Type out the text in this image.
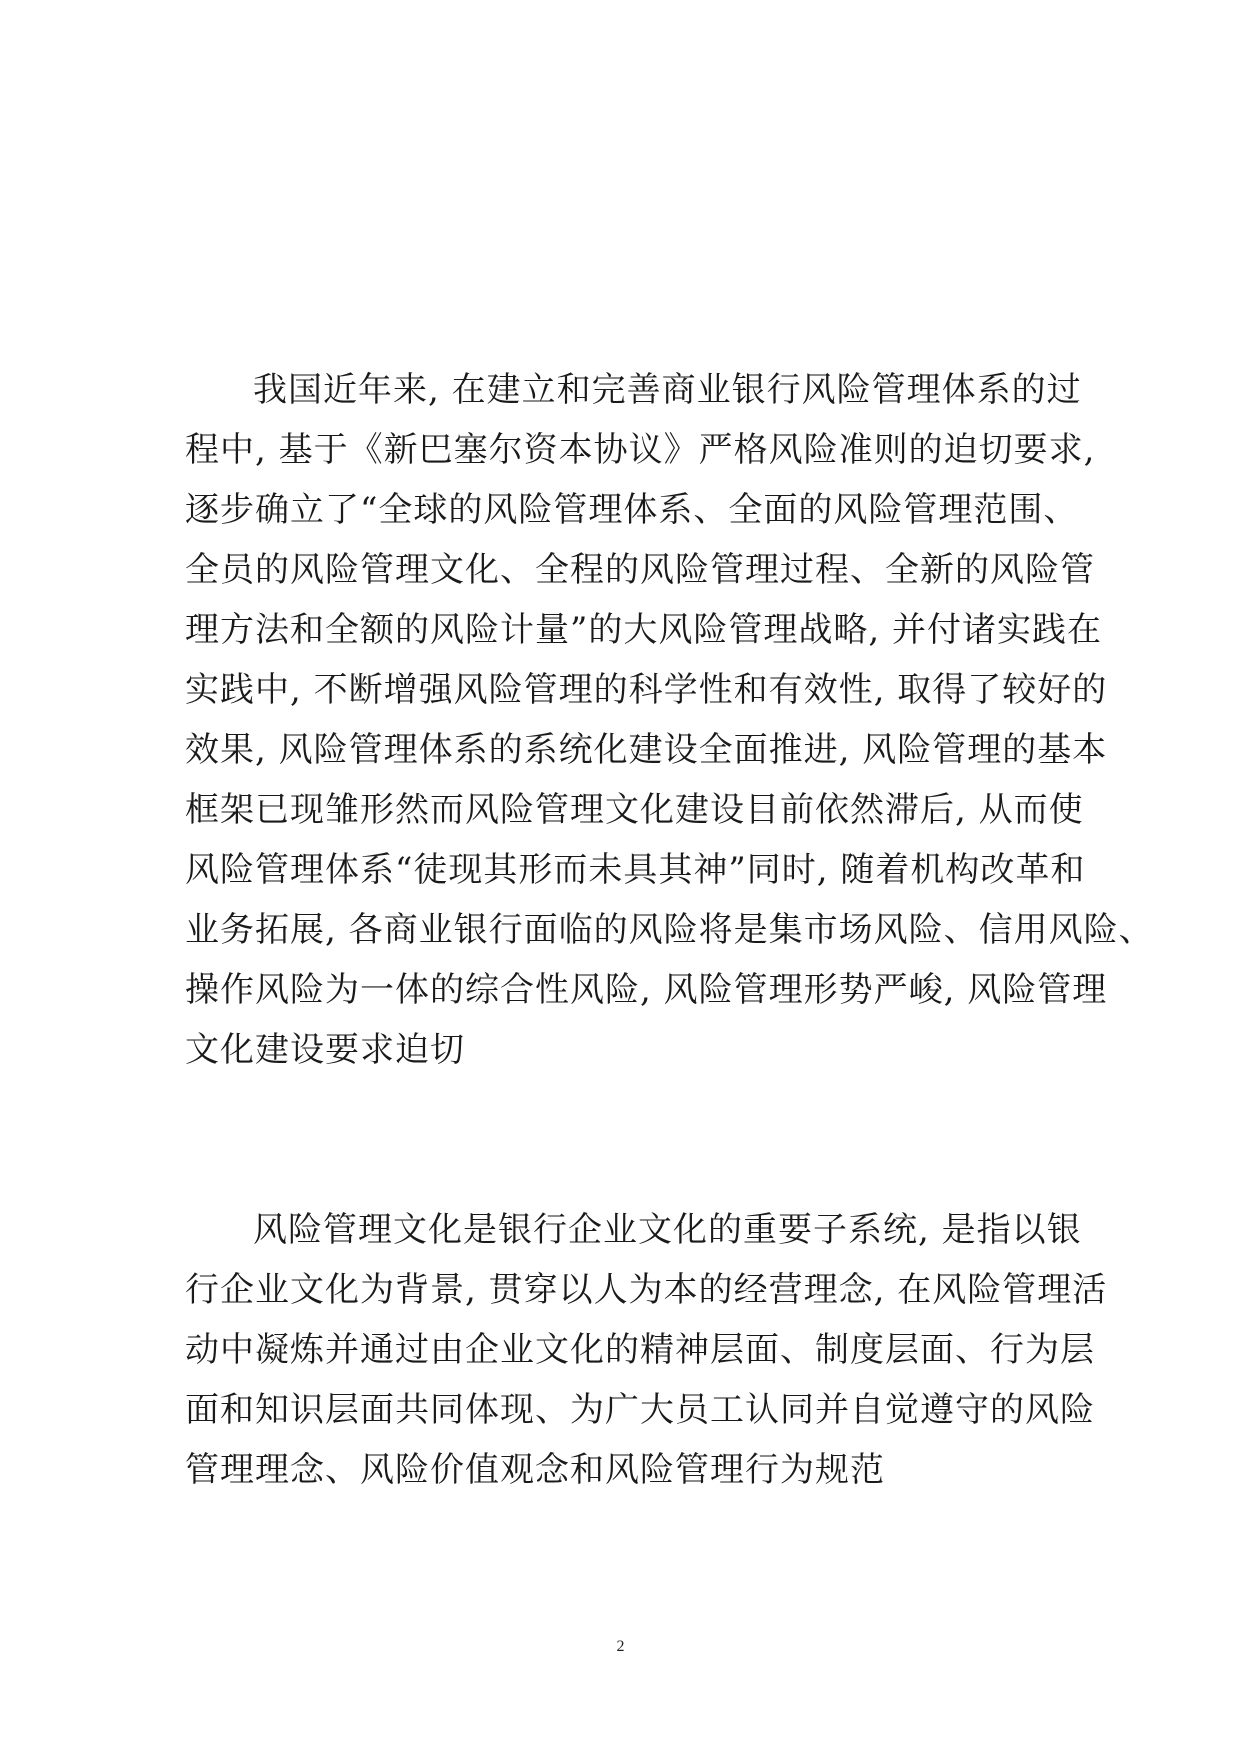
我国近年来, 在建立和完善商业银行风险管理体系的过
程中, 基于《新巴塞尔资本协议》严格风险准则的迫切要求,
逐步确立了“全球的风险管理体系、全面的风险管理范围、
全员的风险管理文化、全程的风险管理过程、全新的风险管
理方法和全额的风险计量”的大风险管理战略, 并付诸实践在
实践中, 不断增强风险管理的科学性和有效性, 取得了较好的
效果, 风险管理体系的系统化建设全面推进, 风险管理的基本
框架已现雏形然而风险管理文化建设目前依然滞后, 从而使
风险管理体系“徒现其形而未具其神”同时, 随着机构改革和
业务拓展, 各商业银行面临的风险将是集市场风险、信用风险、
操作风险为一体的综合性风险, 风险管理形势严峻, 风险管理
文化建设要求迫切
风险管理文化是银行企业文化的重要子系统, 是指以银
行企业文化为背景, 贯穿以人为本的经营理念, 在风险管理活
动中凝炼并通过由企业文化的精神层面、制度层面、行为层
面和知识层面共同体现、为广大员工认同并自觉遵守的风险
管理理念、风险价值观念和风险管理行为规范
2
